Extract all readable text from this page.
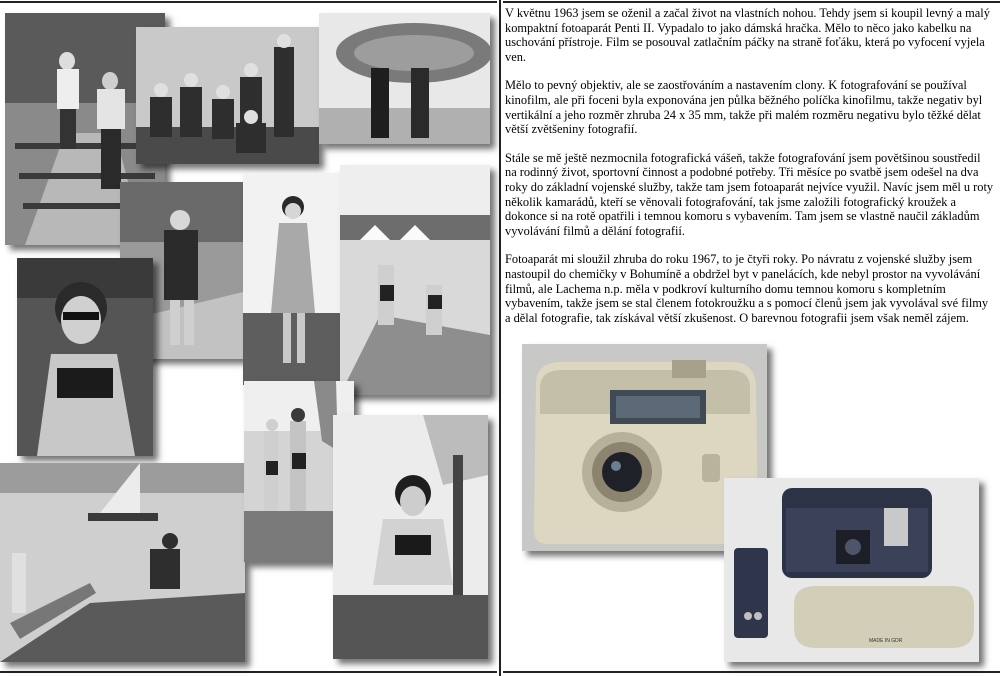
V květnu 1963 jsem se oženil a začal život na vlastních nohou. Tehdy jsem si koupil levný a malý kompaktní fotoaparát Penti II. Vypadalo to jako dámská hračka. Mělo to něco jako kabelku na uschování přístroje. Film se posouval zatlačním páčky na straně foťáku, která po vyfocení vyjela ven.

Mělo to pevný objektiv, ale se zaostřováním a nastavením clony. K fotografování se používal kinofilm, ale při foceni byla exponována jen půlka běžného políčka kinofilmu, takže negativ byl vertikální a jeho rozměr zhruba 24 x 35 mm, takže při malém rozměru negativu bylo těžké dělat větší zvětšeniny fotografií.

Stále se mě ještě nezmocnila fotografická vášeň, takže fotografování jsem povětšinou soustředil na rodinný život, sportovní činnost a podobné potřeby. Tři měsíce po svatbě jsem odešel na dva roky do základní vojenské služby, takže tam jsem fotoaparát nejvíce využil. Navíc jsem měl u roty několik kamarádů, kteří se věnovali fotografování, tak jsme založili fotografický kroužek a dokonce si na rotě opatřili i temnou komoru s vybavením. Tam jsem se vlastně naučil základům vyvolávání filmů a dělání fotografií.

Fotoaparát mi sloužil zhruba do roku 1967, to je čtyři roky. Po návratu z vojenské služby jsem nastoupil do chemičky v Bohumíně a obdržel byt v panelácích, kde nebyl prostor na vyvolávání filmů, ale Lachema n.p. měla v podkroví kulturního domu temnou komoru s kompletním vybavením, takže jsem se stal členem fotokroužku a s pomocí členů jsem jak vyvolával své filmy a dělal fotografie, tak získával větší zkušenost. O barevnou fotografii jsem však neměl zájem.

MADE IN GDR
